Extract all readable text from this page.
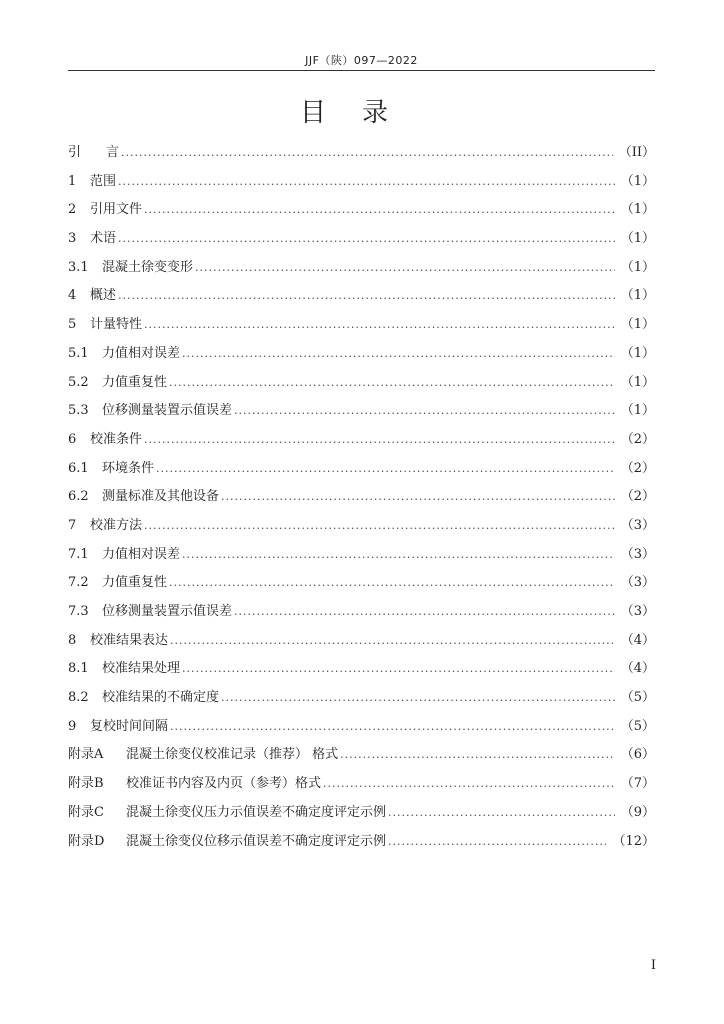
JJF（陕）097—2022
目录
引	言 .....	（II）
1	范围 .....	（1）
2	引用文件 .....	（1）
3	术语 .....	（1）
3.1	混凝土徐变变形 .....	（1）
4	概述 .....	（1）
5	计量特性 .....	（1）
5.1	力值相对误差 .....	（1）
5.2	力值重复性 .....	（1）
5.3	位移测量装置示值误差 .....	（1）
6	校准条件 .....	（2）
6.1	环境条件 .....	（2）
6.2	测量标准及其他设备 .....	（2）
7	校准方法 .....	（3）
7.1	力值相对误差 .....	（3）
7.2	力值重复性 .....	（3）
7.3	位移测量装置示值误差 .....	（3）
8	校准结果表达 .....	（4）
8.1	校准结果处理 .....	（4）
8.2	校准结果的不确定度 .....	（5）
9	复校时间间隔 .....	（5）
附录A	混凝土徐变仪校准记录（推荐） 格式 .....	（6）
附录B	校准证书内容及内页（参考）格式 .....	（7）
附录C	混凝土徐变仪压力示值误差不确定度评定示例 .....	（9）
附录D	混凝土徐变仪位移示值误差不确定度评定示例 .....	（12）
I
